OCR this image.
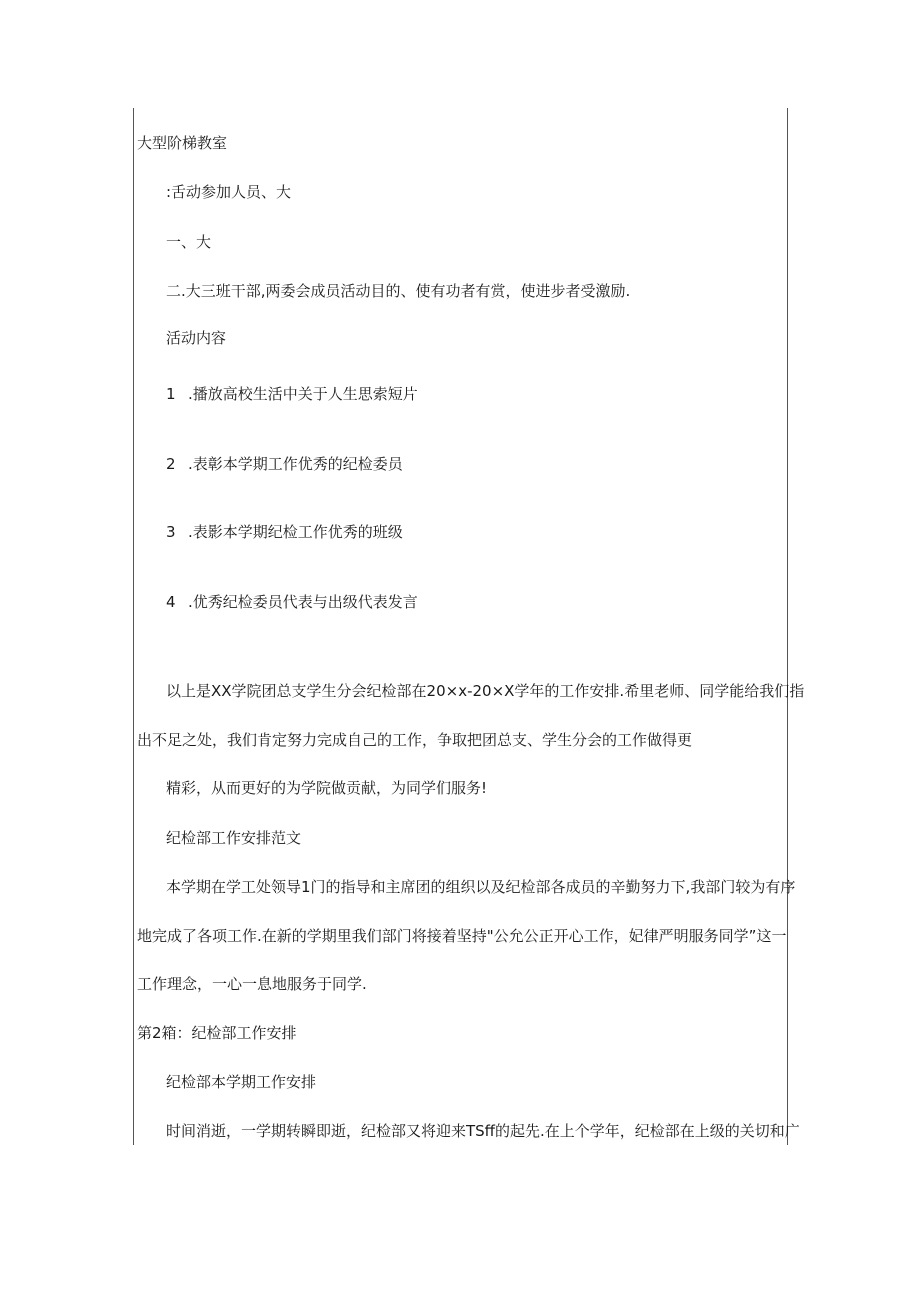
大型阶梯教室
:舌动参加人员、大
一、大
二.大三班干部,两委会成员活动目的、使有功者有赏，使进步者受激励.
活动内容
1 .播放高校生活中关于人生思索短片
2 .表彰本学期工作优秀的纪检委员
3 .表影本学期纪检工作优秀的班级
4 .优秀纪检委员代表与出级代表发言
以上是XX学院团总支学生分会纪检部在20×x-20×X学年的工作安排.希里老师、同学能给我们指
出不足之处，我们肯定努力完成自己的工作，争取把团总支、学生分会的工作做得更
精彩，从而更好的为学院做贡献，为同学们服务!
纪检部工作安排范文
本学期在学工处领导1门的指导和主席团的组织以及纪检部各成员的辛勤努力下,我部门较为有序
地完成了各项工作.在新的学期里我们部门将接着坚持"公允公正开心工作，妃律严明服务同学”这一
工作理念，一心一息地服务于同学.
第2箱：纪检部工作安排
纪检部本学期工作安排
时间消逝，一学期转瞬即逝，纪检部又将迎来TSff的起先.在上个学年，纪检部在上级的关切和广
